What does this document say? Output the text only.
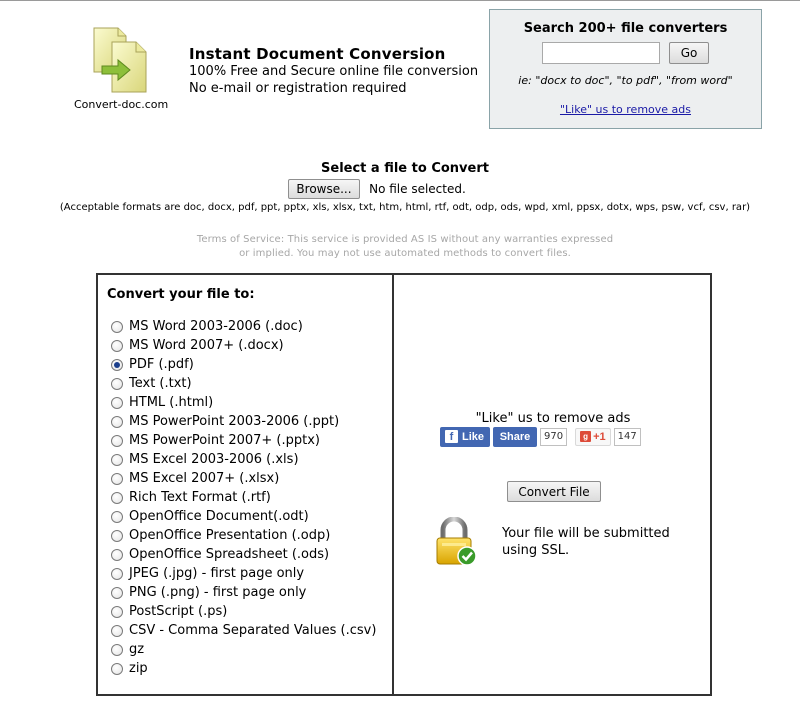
Convert-doc.com
Instant Document Conversion

100% Free and Secure online file conversion

No e-mail or registration required

Search 200+ file converters
Go
ie: "docx to doc", "to pdf", "from word"
"Like" us to remove ads
Select a file to Convert
Browse... No file selected.
(Acceptable formats are doc, docx, pdf, ppt, pptx, xls, xlsx, txt, htm, html, rtf, odt, odp, ods, wpd, xml, ppsx, dotx, wps, psw, vcf, csv, rar)
Terms of Service: This service is provided AS IS without any warranties expressed or implied. You may not use automated methods to convert files.
Convert your file to:
MS Word 2003-2006 (.doc)
MS Word 2007+ (.docx)
PDF (.pdf)
Text (.txt)
HTML (.html)
MS PowerPoint 2003-2006 (.ppt)
MS PowerPoint 2007+ (.pptx)
MS Excel 2003-2006 (.xls)
MS Excel 2007+ (.xlsx)
Rich Text Format (.rtf)
OpenOffice Document(.odt)
OpenOffice Presentation (.odp)
OpenOffice Spreadsheet (.ods)
JPEG (.jpg) - first page only
PNG (.png) - first page only
PostScript (.ps)
CSV - Comma Separated Values (.csv)
gz
zip
"Like" us to remove ads
f Like	Share	970	g +1	147
Convert File
Your file will be submitted
using SSL.
